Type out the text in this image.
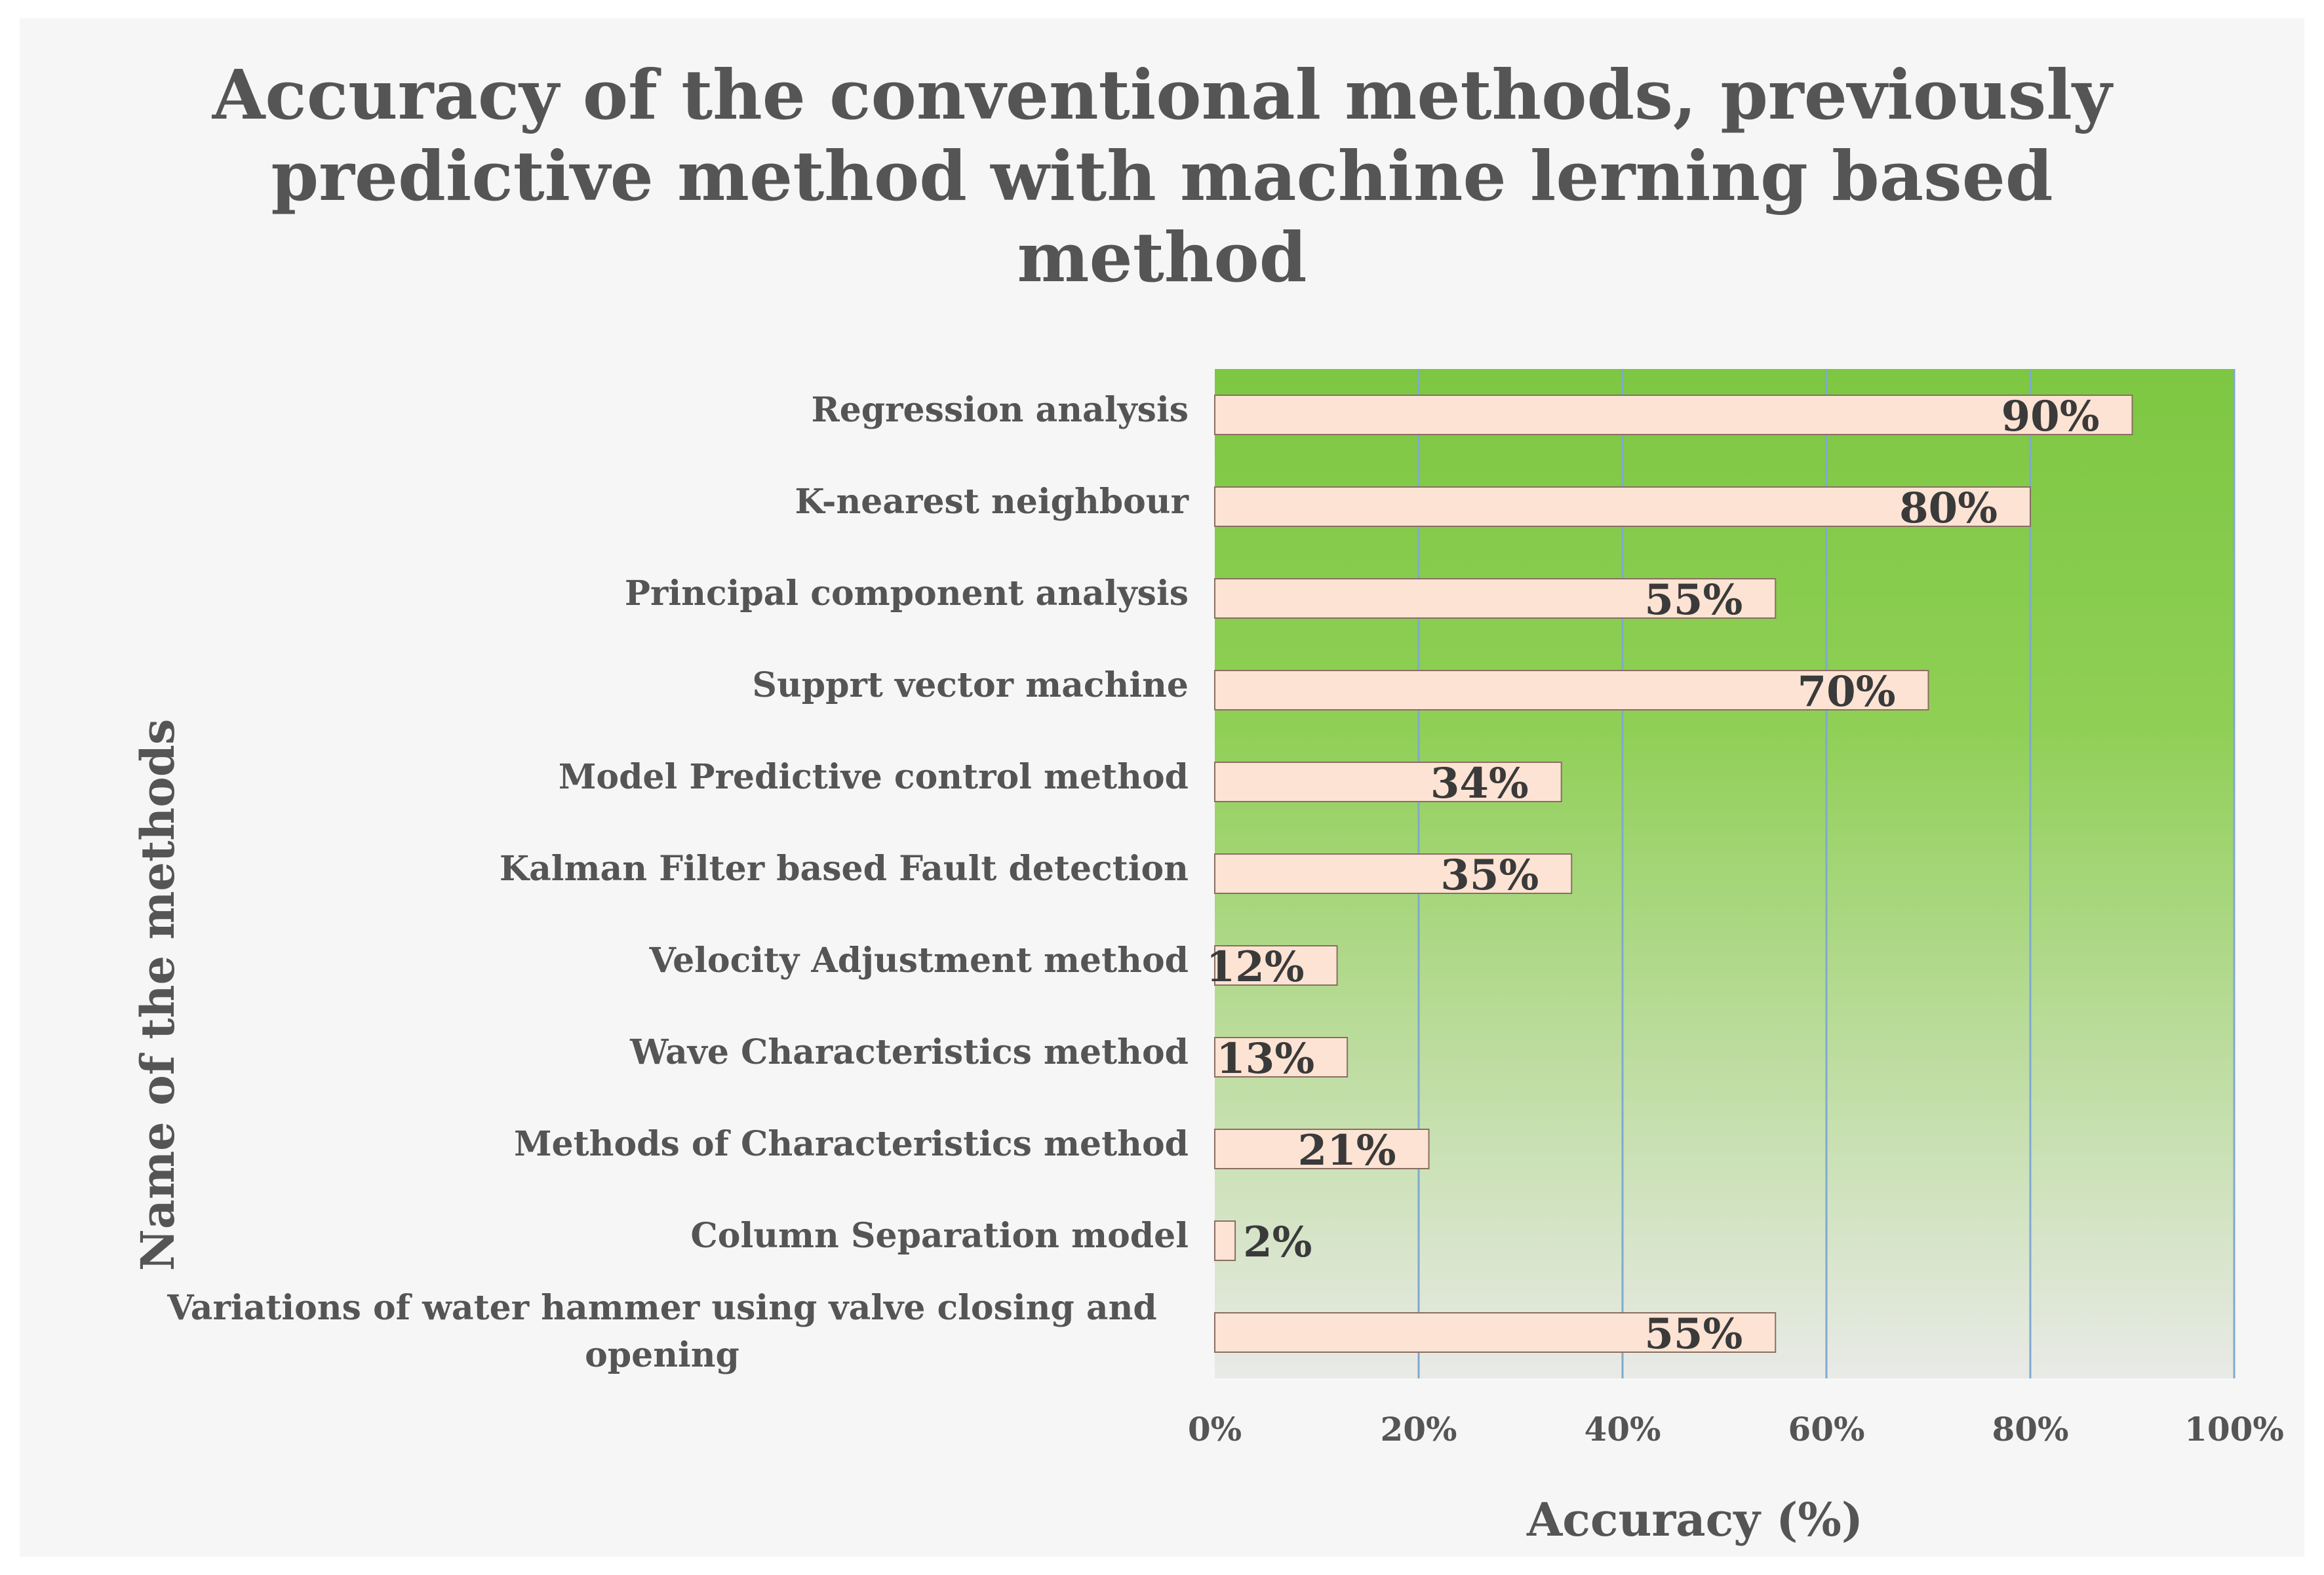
Accuracy of the conventional methods, previously
predictive method with machine lerning based
method
90%
80%
55%
70%
34%
35%
12%
13%
21%
2%
55%
Regression analysis
K-nearest neighbour
Principal component analysis
Supprt vector machine
Model Predictive control method
Kalman Filter based Fault detection
Velocity Adjustment method
Wave Characteristics method
Methods of Characteristics method
Column Separation model
Variations of water hammer using valve closing and opening
0%	20%	40%	60%	80%	100%
Accuracy (%)
Name of the methods
